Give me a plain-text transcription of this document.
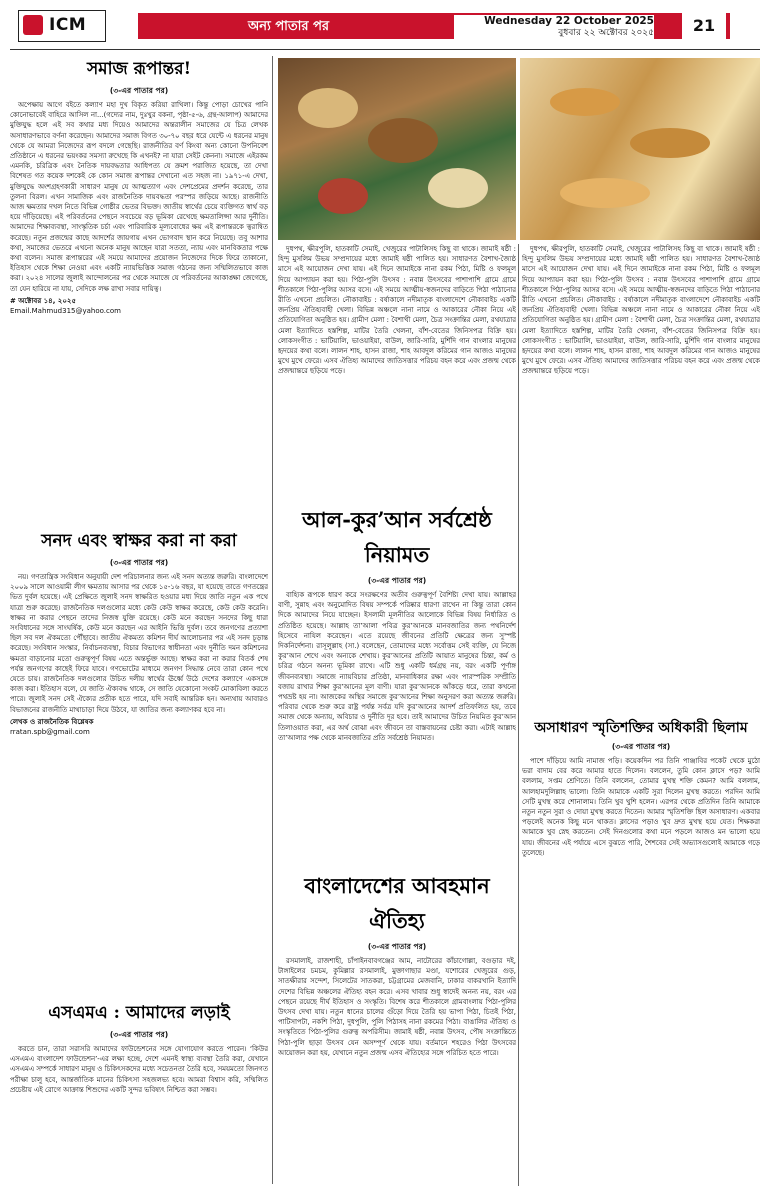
ICM	অন্য পাতার পর	Wednesday 22 October 2025
বুধবার ২২ অক্টোবর ২০২৫	21
সমাজ রূপান্তর!
(৩-এর পাতার পর)

অপেক্ষায় আগে বইতে কল্যাণ মহা দুখ বিকৃত করিয়া রাখিলা। কিন্তু পোড়া চোখের পানি কোনোভাবেই বাহিরে আসিল না...(গদ্যের নাম, দুঃখুর বকনা, পৃষ্ঠা-৫-৬, গ্রন্থ-আলাপ) আমাদের মুক্তিযুদ্ধ হলে এই সব কথার মধ্য দিয়েও আমাদের অন্তরালীন সমাজের যে চিত্র লেখক অসাধারণভাবে বর্ণনা করেছেন। আমাদের সমাজ বিগত ৩০-৭০ বছর ধরে যেন্টে এ ধরনের মানুষ থেকে যে আমরা নিজেদের রূপ বদলে গেছেছি। রাজনীতির বর্ণ কিংবা অন্য কোনো উপনিবেশ প্রতিষ্ঠানে এ ধরনের ভয়ংকর সমস্যা রুখেছে কি এখনই? না যারা সেইট কেননা। সমাজে এইরকম এমনকি, চরিত্রিক এবং নৈতিক দায়বদ্ধতার আধিপত্য যে ক্রমশ পরাজিত হয়েছে, তা দেখা বিশেষত গত কয়েক দশকেই কে কোন সমাজ রূপান্তর দেখানো এত সহজ না। ১৯৭১-এ দেখা, মুক্তিযুদ্ধে অংশগ্রহণকারী সাধারণ মানুষ যে আত্মত্যাগ এবং দেশপ্রেমের প্রদর্শন করেছে, তার তুলনা বিরল। এখন সামাজিক এবং রাজনৈতিক দায়বদ্ধতা পরস্পর জড়িয়ে আছে। রাজনীতি আজ ক্ষমতার দখল নিতে বিভিন্ন গোষ্ঠীর ভেতর বিভক্ত। জাতীয় স্বার্থের চেয়ে ব্যক্তিগত স্বার্থ বড় হয়ে দাঁড়িয়েছে। এই পরিবর্তনের পেছনে সবচেয়ে বড় ভূমিকা রেখেছে ক্ষমতালিপ্সা আর দুর্নীতি। আমাদের শিক্ষাব্যবস্থা, সাংস্কৃতিক চর্চা এবং পারিবারিক মূল্যবোধের ক্ষয় এই রূপান্তরকে ত্বরান্বিত করেছে। নতুন প্রজন্মের কাছে আদর্শের জায়গায় এখন ভোগবাদ স্থান করে নিয়েছে। তবু আশার কথা, সমাজের ভেতরে এখনো অনেক মানুষ আছেন যারা সততা, ন্যায় এবং মানবিকতার পক্ষে কথা বলেন। সমাজ রূপান্তরের এই সময়ে আমাদের প্রয়োজন নিজেদের দিকে ফিরে তাকানো, ইতিহাস থেকে শিক্ষা নেওয়া এবং একটি ন্যায়ভিত্তিক সমাজ গঠনের জন্য সম্মিলিতভাবে কাজ করা। ২০২৪ সালের জুলাই আন্দোলনের পর থেকে সমাজে যে পরিবর্তনের আকাঙ্ক্ষা জেগেছে, তা যেন হারিয়ে না যায়, সেদিকে লক্ষ রাখা সবার দায়িত্ব।

# অক্টোবর ১৪, ২০২৫
Email.Mahmud315@yahoo.com
সনদ এবং স্বাক্ষর করা না করা
(৩-এর পাতার পর)

নয়। গণতান্ত্রিক সংবিধান অনুযায়ী দেশ পরিচালনার জন্য এই সনদ অত্যন্ত জরুরি। বাংলাদেশে ২০০৯ সালে আওয়ামী লীগ ক্ষমতায় আসার পর থেকে ১৫-১৬ বছর, যা হয়েছে তাতে গণতন্ত্রের ভিত দুর্বল হয়েছে। এই প্রেক্ষিতে জুলাই সনদ স্বাক্ষরিত হওয়ার মধ্য দিয়ে জাতি নতুন এক পথে যাত্রা শুরু করেছে। রাজনৈতিক দলগুলোর মধ্যে কেউ কেউ স্বাক্ষর করেছে, কেউ কেউ করেনি। স্বাক্ষর না করার পেছনে তাদের নিজস্ব যুক্তি রয়েছে। কেউ মনে করছেন সনদের কিছু ধারা সংবিধানের সঙ্গে সাংঘর্ষিক, কেউ মনে করছেন এর আইনি ভিত্তি দুর্বল। তবে জনগণের প্রত্যাশা ছিল সব দল ঐকমত্যে পৌঁছাবে। জাতীয় ঐকমত্য কমিশন দীর্ঘ আলোচনার পর এই সনদ চূড়ান্ত করেছে। সংবিধান সংস্কার, নির্বাচনব্যবস্থা, বিচার বিভাগের স্বাধীনতা এবং দুর্নীতি দমন কমিশনের ক্ষমতা বাড়ানোর মতো গুরুত্বপূর্ণ বিষয় এতে অন্তর্ভুক্ত আছে। স্বাক্ষর করা না করার বিতর্ক শেষ পর্যন্ত জনগণের কাছেই ফিরে যাবে। গণভোটের মাধ্যমে জনগণ সিদ্ধান্ত নেবে তারা কোন পথে যেতে চায়। রাজনৈতিক দলগুলোর উচিত দলীয় স্বার্থের ঊর্ধ্বে উঠে দেশের কল্যাণে একসঙ্গে কাজ করা। ইতিহাস বলে, যে জাতি ঐক্যবদ্ধ থাকে, সে জাতি যেকোনো সংকট মোকাবিলা করতে পারে। জুলাই সনদ সেই ঐক্যের প্রতীক হতে পারে, যদি সবাই আন্তরিক হন। অন্যথায় আবারও বিভাজনের রাজনীতি মাথাচাড়া দিয়ে উঠবে, যা জাতির জন্য কল্যাণকর হবে না।

লেখক ও রাজনৈতিক বিশ্লেষক
rratan.spb@gmail.com
এসএমএ : আমাদের লড়াই
(৩-এর পাতার পর)

করতে চান, তারা সরাসরি আমাদের ফাউন্ডেশনের সঙ্গে যোগাযোগ করতে পারেন। ‘কিউর এসএমএ বাংলাদেশ ফাউন্ডেশন’-এর লক্ষ্য হচ্ছে, দেশে এমনই স্বাস্থ্য ব্যবস্থা তৈরি করা, যেখানে এসএমএ সম্পর্কে সাধারণ মানুষ ও চিকিৎসকদের মধ্যে সচেতনতা তৈরি হবে, সময়মতো জিনগত পরীক্ষা চালু হবে, আন্তর্জাতিক মানের চিকিৎসা সহজলভ্য হবে। আমরা বিশ্বাস করি, সম্মিলিত প্রচেষ্টায় এই রোগে আক্রান্ত শিশুদের একটি সুন্দর ভবিষ্যৎ নিশ্চিত করা সম্ভব।

দুধপথ, ক্ষীরপুলি, হাতকাটি সেমাই, খেজুরের পাটালিসহ কিছু বা থাকে। জামাই ষষ্ঠী : হিন্দু মুসলিম উভয় সম্প্রদায়ের মধ্যে জামাই ষষ্ঠী পালিত হয়। সাধারণত বৈশাখ-জ্যৈষ্ঠ মাসে এই আয়োজন দেখা যায়। এই দিনে জামাইকে নানা রকম পিঠা, মিষ্টি ও ফলমূল দিয়ে আপ্যায়ন করা হয়। পিঠা-পুলি উৎসব : নবান্ন উৎসবের পাশাপাশি গ্রামে গ্রামে শীতকালে পিঠা-পুলির আসর বসে। এই সময়ে আত্মীয়-স্বজনদের বাড়িতে পিঠা পাঠানোর রীতি এখনো প্রচলিত। নৌকাবাইচ : বর্ষাকালে নদীমাতৃক বাংলাদেশে নৌকাবাইচ একটি জনপ্রিয় ঐতিহ্যবাহী খেলা। বিভিন্ন অঞ্চলে নানা নামে ও আকারের নৌকা নিয়ে এই প্রতিযোগিতা অনুষ্ঠিত হয়। গ্রামীণ মেলা : বৈশাখী মেলা, চৈত্র সংক্রান্তির মেলা, রথযাত্রার মেলা ইত্যাদিতে হস্তশিল্প, মাটির তৈরি খেলনা, বাঁশ-বেতের জিনিসপত্র বিক্রি হয়। লোকসংগীত : ভাটিয়ালি, ভাওয়াইয়া, বাউল, জারি-সারি, মুর্শিদি গান বাংলার মানুষের হৃদয়ের কথা বলে। লালন শাহ, হাসন রাজা, শাহ আবদুল করিমের গান আজও মানুষের মুখে মুখে ফেরে। এসব ঐতিহ্য আমাদের জাতিসত্তার পরিচয় বহন করে এবং প্রজন্ম থেকে প্রজন্মান্তরে ছড়িয়ে পড়ে।

আল-কুর’আন সর্বশ্রেষ্ঠ নিয়ামত
(৩-এর পাতার পর)

বাহ্যিক রূপকে ধারণ করে সংরক্ষণের অতীব গুরুত্বপূর্ণ বৈশিষ্ট্য দেখা যায়। আল্লাহর বাণী, সুন্নাহ এবং অনুমোদিত বিষয় সম্পর্কে পরিষ্কার ধারণা রাখেন না কিন্তু তারা কোন দিকে আমাদের নিয়ে যাচ্ছেন। ইসলামী মূলনীতির আলোকে বিভিন্ন বিষয় নির্ধারিত ও প্রতিষ্ঠিত হয়েছে। আল্লাহ তা’আলা পবিত্র কুর’আনকে মানবজাতির জন্য পথনির্দেশ হিসেবে নাযিল করেছেন। এতে রয়েছে জীবনের প্রতিটি ক্ষেত্রের জন্য সুস্পষ্ট দিকনির্দেশনা। রাসূলুল্লাহ (সা.) বলেছেন, তোমাদের মধ্যে সর্বোত্তম সেই ব্যক্তি, যে নিজে কুর’আন শেখে এবং অন্যকে শেখায়। কুর’আনের প্রতিটি আয়াত মানুষের চিন্তা, কর্ম ও চরিত্র গঠনে অনন্য ভূমিকা রাখে। এটি শুধু একটি ধর্মগ্রন্থ নয়, বরং একটি পূর্ণাঙ্গ জীবনব্যবস্থা। সমাজে ন্যায়বিচার প্রতিষ্ঠা, মানবাধিকার রক্ষা এবং পারস্পরিক সম্প্রীতি বজায় রাখার শিক্ষা কুর’আনের মূল বাণী। যারা কুর’আনকে আঁকড়ে ধরে, তারা কখনো পথভ্রষ্ট হয় না। আজকের অস্থির সমাজে কুর’আনের শিক্ষা অনুসরণ করা অত্যন্ত জরুরি। পরিবার থেকে শুরু করে রাষ্ট্র পর্যন্ত সর্বত্র যদি কুর’আনের আদর্শ প্রতিফলিত হয়, তবে সমাজ থেকে অন্যায়, অবিচার ও দুর্নীতি দূর হবে। তাই আমাদের উচিত নিয়মিত কুর’আন তিলাওয়াত করা, এর অর্থ বোঝা এবং জীবনে তা বাস্তবায়নের চেষ্টা করা। এটাই আল্লাহ তা’আলার পক্ষ থেকে মানবজাতির প্রতি সর্বশ্রেষ্ঠ নিয়ামত।

বাংলাদেশের আবহমান ঐতিহ্য
(৩-এর পাতার পর)

রসমালাই, রাজশাহী, চাঁপাইনবাবগঞ্জের আম, নাটোরের কাঁচাগোল্লা, বগুড়ার দই, টাঙ্গাইলের চমচম, কুমিল্লার রসমালাই, মুক্তাগাছার মণ্ডা, যশোরের খেজুরের গুড়, সাতক্ষীরার সন্দেশ, সিলেটের সাতকরা, চট্টগ্রামের মেজবানি, ঢাকার বাকরখানি ইত্যাদি দেশের বিভিন্ন অঞ্চলের ঐতিহ্য বহন করে। এসব খাবার শুধু স্বাদেই অনন্য নয়, বরং এর পেছনে রয়েছে দীর্ঘ ইতিহাস ও সংস্কৃতি। বিশেষ করে শীতকালে গ্রামবাংলায় পিঠা-পুলির উৎসব দেখা যায়। নতুন ধানের চালের গুঁড়ো দিয়ে তৈরি হয় ভাপা পিঠা, চিতই পিঠা, পাটিসাপটা, নকশি পিঠা, দুধপুলি, পুলি পিঠাসহ নানা রকমের পিঠা। বাঙালির ঐতিহ্য ও সংস্কৃতিতে পিঠা-পুলির গুরুত্ব অপরিসীম। জামাই ষষ্ঠী, নবান্ন উৎসব, পৌষ সংক্রান্তিতে পিঠা-পুলি ছাড়া উৎসব যেন অসম্পূর্ণ থেকে যায়। বর্তমানে শহরেও পিঠা উৎসবের আয়োজন করা হয়, যেখানে নতুন প্রজন্ম এসব ঐতিহ্যের সঙ্গে পরিচিত হতে পারে।

দুধপথ, ক্ষীরপুলি, হাতকাটি সেমাই, খেজুরের পাটালিসহ কিছু বা থাকে। জামাই ষষ্ঠী : হিন্দু মুসলিম উভয় সম্প্রদায়ের মধ্যে জামাই ষষ্ঠী পালিত হয়। সাধারণত বৈশাখ-জ্যৈষ্ঠ মাসে এই আয়োজন দেখা যায়। এই দিনে জামাইকে নানা রকম পিঠা, মিষ্টি ও ফলমূল দিয়ে আপ্যায়ন করা হয়। পিঠা-পুলি উৎসব : নবান্ন উৎসবের পাশাপাশি গ্রামে গ্রামে শীতকালে পিঠা-পুলির আসর বসে। এই সময়ে আত্মীয়-স্বজনদের বাড়িতে পিঠা পাঠানোর রীতি এখনো প্রচলিত। নৌকাবাইচ : বর্ষাকালে নদীমাতৃক বাংলাদেশে নৌকাবাইচ একটি জনপ্রিয় ঐতিহ্যবাহী খেলা। বিভিন্ন অঞ্চলে নানা নামে ও আকারের নৌকা নিয়ে এই প্রতিযোগিতা অনুষ্ঠিত হয়। গ্রামীণ মেলা : বৈশাখী মেলা, চৈত্র সংক্রান্তির মেলা, রথযাত্রার মেলা ইত্যাদিতে হস্তশিল্প, মাটির তৈরি খেলনা, বাঁশ-বেতের জিনিসপত্র বিক্রি হয়। লোকসংগীত : ভাটিয়ালি, ভাওয়াইয়া, বাউল, জারি-সারি, মুর্শিদি গান বাংলার মানুষের হৃদয়ের কথা বলে। লালন শাহ, হাসন রাজা, শাহ আবদুল করিমের গান আজও মানুষের মুখে মুখে ফেরে। এসব ঐতিহ্য আমাদের জাতিসত্তার পরিচয় বহন করে এবং প্রজন্ম থেকে প্রজন্মান্তরে ছড়িয়ে পড়ে।

অসাধারণ স্মৃতিশক্তির অধিকারী ছিলাম
(৩-এর পাতার পর)

পাশে দাঁড়িয়ে আমি নামাজ পড়ি। কয়েকদিন পর তিনি পাঞ্জাবির পকেট থেকে মুঠো ভরা বাদাম বের করে আমার হাতে দিলেন। বললেন, তুমি কোন ক্লাসে পড়? আমি বললাম, সপ্তম শ্রেণিতে। তিনি বললেন, তোমার মুখস্থ শক্তি কেমন? আমি বললাম, আলহামদুলিল্লাহ ভালো। তিনি আমাকে একটি সুরা দিলেন মুখস্থ করতে। পরদিন আমি সেটি মুখস্থ করে শোনালাম। তিনি খুব খুশি হলেন। এরপর থেকে প্রতিদিন তিনি আমাকে নতুন নতুন সুরা ও দোয়া মুখস্থ করতে দিতেন। আমার স্মৃতিশক্তি ছিল অসাধারণ। একবার পড়লেই অনেক কিছু মনে থাকত। ক্লাসের পড়াও খুব দ্রুত মুখস্থ হয়ে যেত। শিক্ষকরা আমাকে খুব স্নেহ করতেন। সেই দিনগুলোর কথা মনে পড়লে আজও মন ভালো হয়ে যায়। জীবনের এই পর্যায়ে এসে বুঝতে পারি, শৈশবের সেই অভ্যাসগুলোই আমাকে গড়ে তুলেছে।
